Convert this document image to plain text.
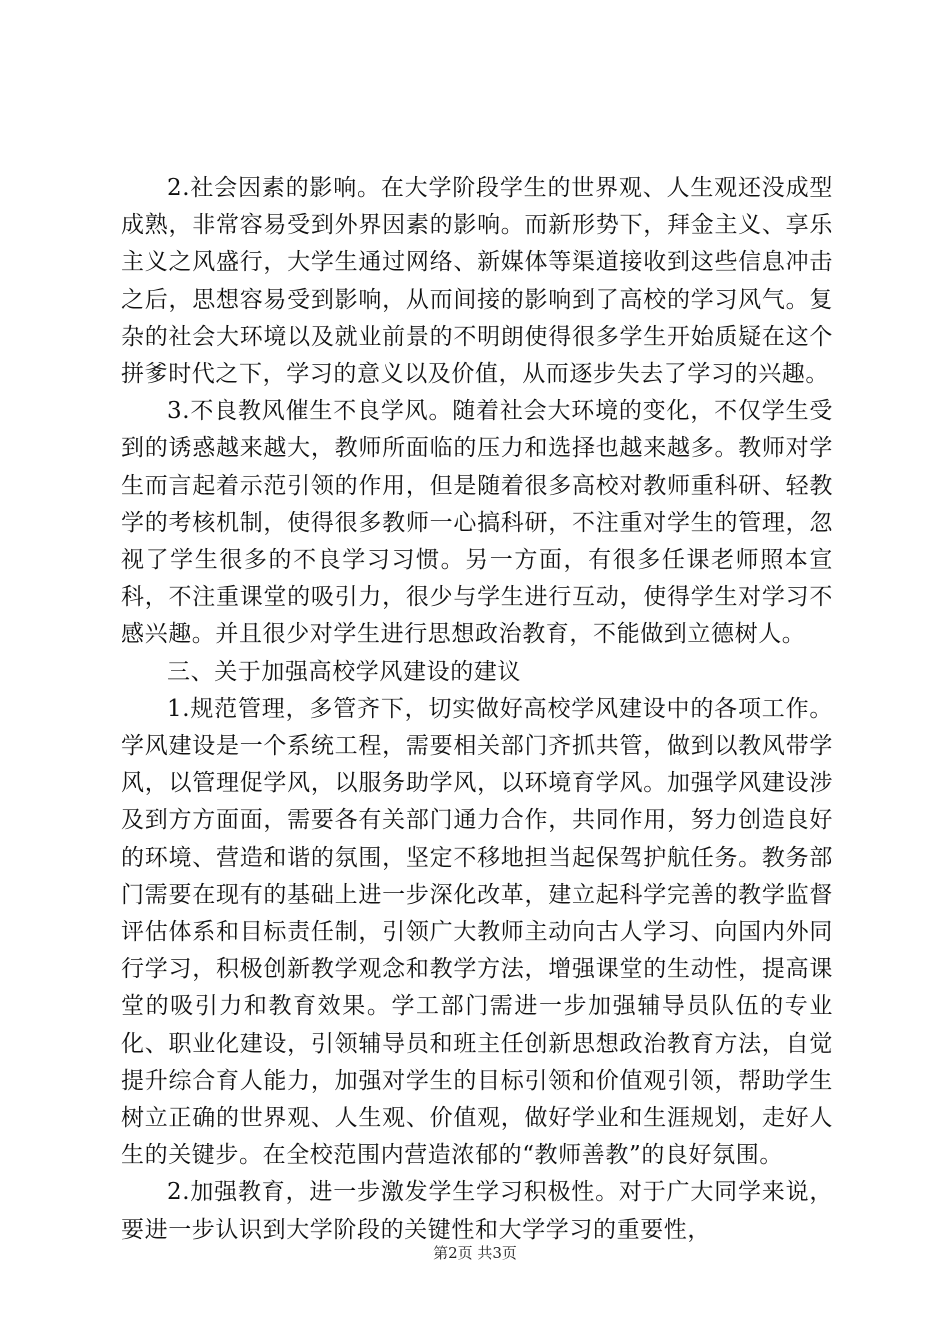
2.社会因素的影响。在大学阶段学生的世界观、人生观还没成型成熟，非常容易受到外界因素的影响。而新形势下，拜金主义、享乐主义之风盛行，大学生通过网络、新媒体等渠道接收到这些信息冲击之后，思想容易受到影响，从而间接的影响到了高校的学习风气。复杂的社会大环境以及就业前景的不明朗使得很多学生开始质疑在这个拼爹时代之下，学习的意义以及价值，从而逐步失去了学习的兴趣。

3.不良教风催生不良学风。随着社会大环境的变化，不仅学生受到的诱惑越来越大，教师所面临的压力和选择也越来越多。教师对学生而言起着示范引领的作用，但是随着很多高校对教师重科研、轻教学的考核机制，使得很多教师一心搞科研，不注重对学生的管理，忽视了学生很多的不良学习习惯。另一方面，有很多任课老师照本宣科，不注重课堂的吸引力，很少与学生进行互动，使得学生对学习不感兴趣。并且很少对学生进行思想政治教育，不能做到立德树人。

三、关于加强高校学风建设的建议

1.规范管理，多管齐下，切实做好高校学风建设中的各项工作。学风建设是一个系统工程，需要相关部门齐抓共管，做到以教风带学风，以管理促学风，以服务助学风，以环境育学风。加强学风建设涉及到方方面面，需要各有关部门通力合作，共同作用，努力创造良好的环境、营造和谐的氛围，坚定不移地担当起保驾护航任务。教务部门需要在现有的基础上进一步深化改革，建立起科学完善的教学监督评估体系和目标责任制，引领广大教师主动向古人学习、向国内外同行学习，积极创新教学观念和教学方法，增强课堂的生动性，提高课堂的吸引力和教育效果。学工部门需进一步加强辅导员队伍的专业化、职业化建设，引领辅导员和班主任创新思想政治教育方法，自觉提升综合育人能力，加强对学生的目标引领和价值观引领，帮助学生树立正确的世界观、人生观、价值观，做好学业和生涯规划，走好人生的关键步。在全校范围内营造浓郁的“教师善教”的良好氛围。

2.加强教育，进一步激发学生学习积极性。对于广大同学来说，要进一步认识到大学阶段的关键性和大学学习的重要性，

第2页 共3页
